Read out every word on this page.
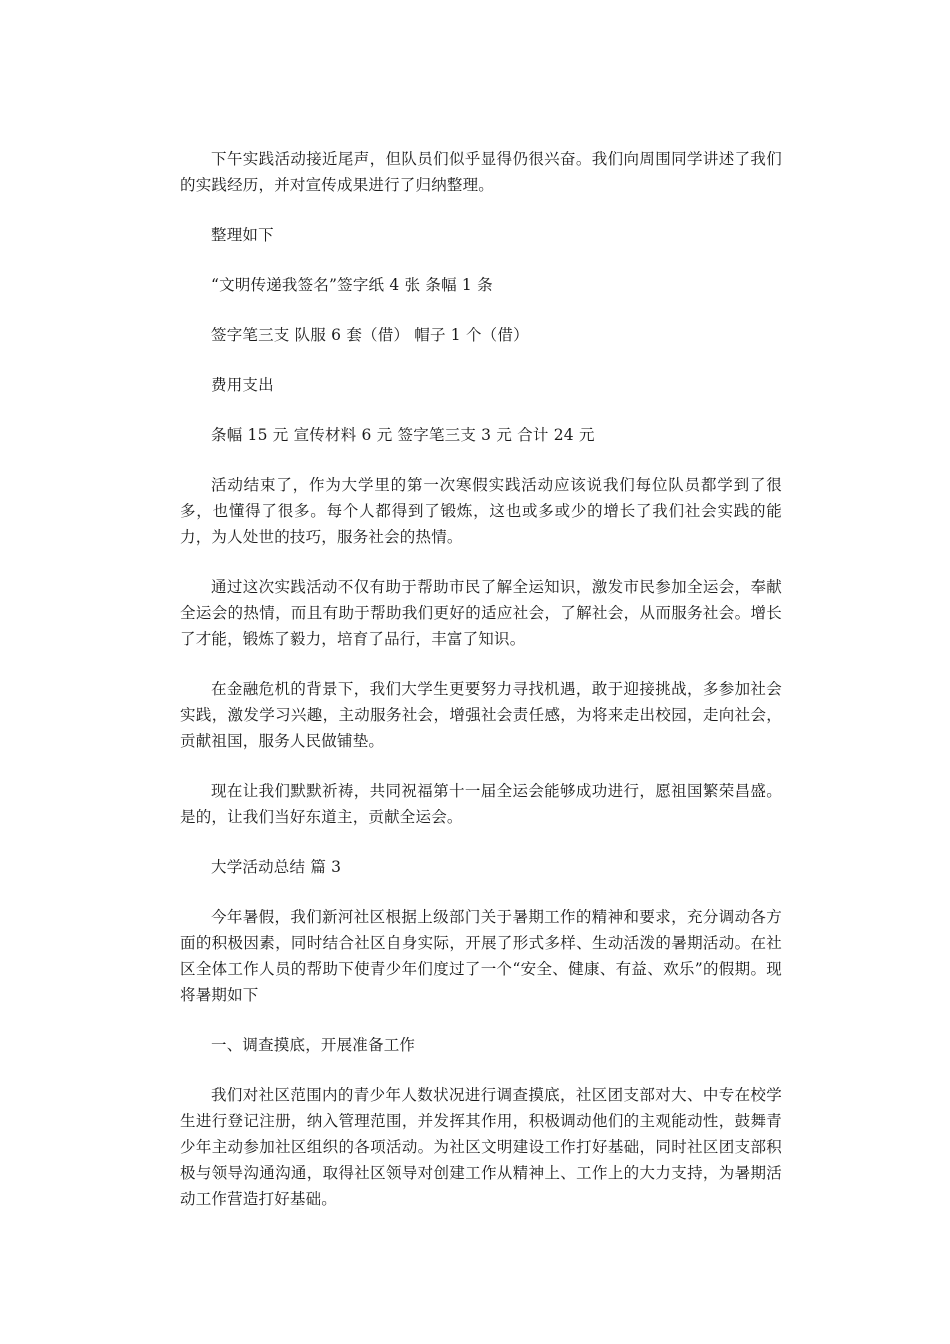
下午实践活动接近尾声，但队员们似乎显得仍很兴奋。我们向周围同学讲述了我们的实践经历，并对宣传成果进行了归纳整理。

整理如下

“文明传递我签名”签字纸 4 张 条幅 1 条

签字笔三支 队服 6 套（借） 帽子 1 个（借）

费用支出

条幅 15 元 宣传材料 6 元 签字笔三支 3 元 合计 24 元

活动结束了，作为大学里的第一次寒假实践活动应该说我们每位队员都学到了很多，也懂得了很多。每个人都得到了锻炼，这也或多或少的增长了我们社会实践的能力，为人处世的技巧，服务社会的热情。

通过这次实践活动不仅有助于帮助市民了解全运知识，激发市民参加全运会，奉献全运会的热情，而且有助于帮助我们更好的适应社会，了解社会，从而服务社会。增长了才能，锻炼了毅力，培育了品行，丰富了知识。

在金融危机的背景下，我们大学生更要努力寻找机遇，敢于迎接挑战，多参加社会实践，激发学习兴趣，主动服务社会，增强社会责任感，为将来走出校园，走向社会，贡献祖国，服务人民做铺垫。

现在让我们默默祈祷，共同祝福第十一届全运会能够成功进行，愿祖国繁荣昌盛。是的，让我们当好东道主，贡献全运会。

大学活动总结 篇 3

今年暑假，我们新河社区根据上级部门关于暑期工作的精神和要求，充分调动各方面的积极因素，同时结合社区自身实际，开展了形式多样、生动活泼的暑期活动。在社区全体工作人员的帮助下使青少年们度过了一个“安全、健康、有益、欢乐”的假期。现将暑期如下

一、调查摸底，开展准备工作

我们对社区范围内的青少年人数状况进行调查摸底，社区团支部对大、中专在校学生进行登记注册，纳入管理范围，并发挥其作用，积极调动他们的主观能动性，鼓舞青少年主动参加社区组织的各项活动。为社区文明建设工作打好基础，同时社区团支部积极与领导沟通沟通，取得社区领导对创建工作从精神上、工作上的大力支持，为暑期活动工作营造打好基础。
